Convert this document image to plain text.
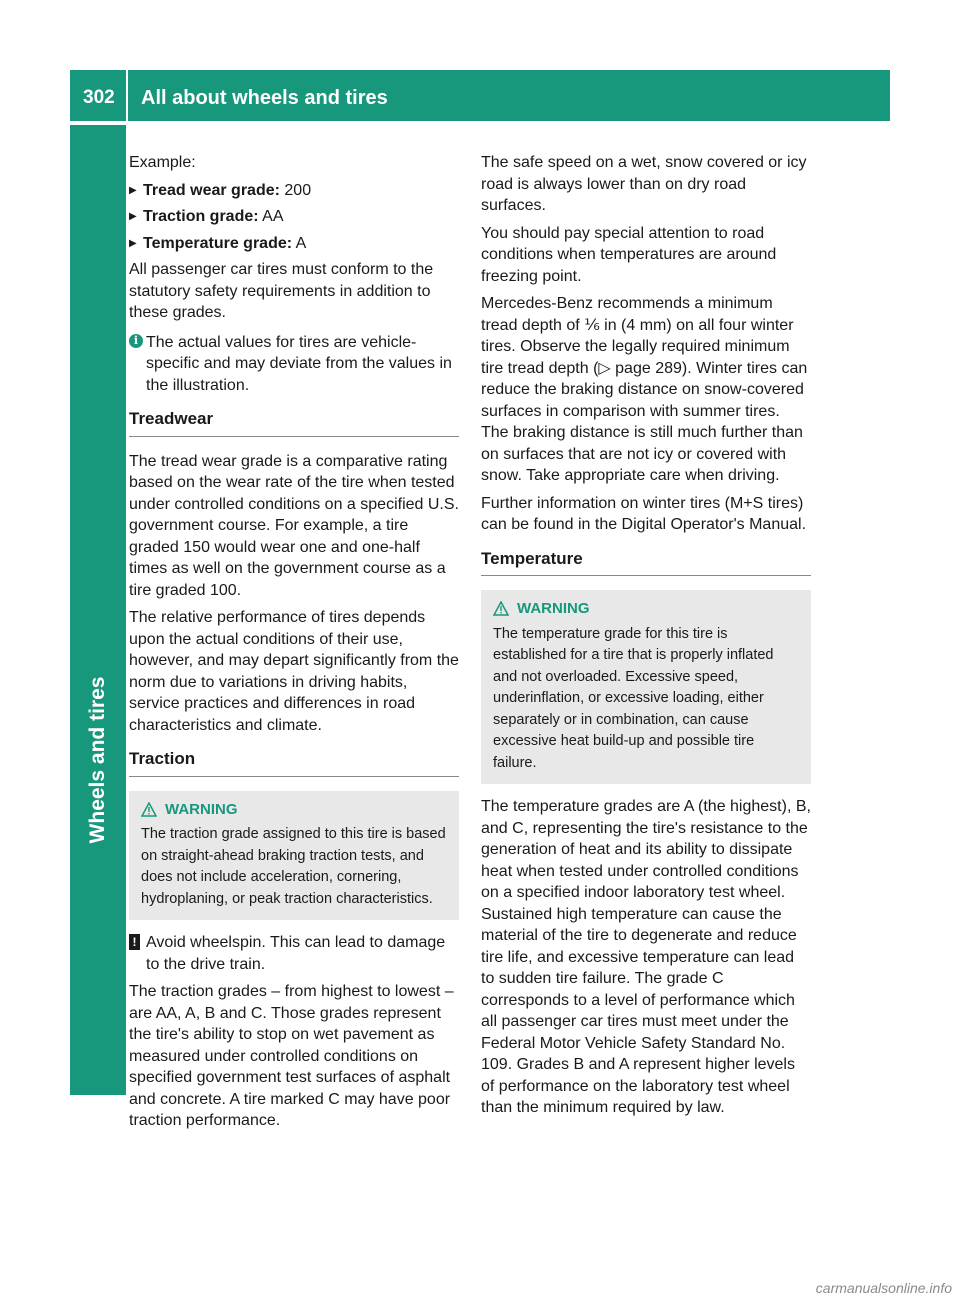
302	All about wheels and tires
Wheels and tires

Example:

▶ Tread wear grade: 200
▶ Traction grade: AA
▶ Temperature grade: A

All passenger car tires must conform to the statutory safety requirements in addition to these grades.

i The actual values for tires are vehicle-specific and may deviate from the values in the illustration.
Treadwear

The tread wear grade is a comparative rating based on the wear rate of the tire when tested under controlled conditions on a specified U.S. government course. For example, a tire graded 150 would wear one and one-half times as well on the government course as a tire graded 100.

The relative performance of tires depends upon the actual conditions of their use, however, and may depart significantly from the norm due to variations in driving habits, service practices and differences in road characteristics and climate.

Traction
WARNING
The traction grade assigned to this tire is based on straight-ahead braking traction tests, and does not include acceleration, cornering, hydroplaning, or peak traction characteristics.
! Avoid wheelspin. This can lead to damage to the drive train.

The traction grades – from highest to lowest – are AA, A, B and C. Those grades represent the tire's ability to stop on wet pavement as measured under controlled conditions on specified government test surfaces of asphalt and concrete. A tire marked C may have poor traction performance.

The safe speed on a wet, snow covered or icy road is always lower than on dry road surfaces.

You should pay special attention to road conditions when temperatures are around freezing point.

Mercedes-Benz recommends a minimum tread depth of ⅙ in (4 mm) on all four winter tires. Observe the legally required minimum tire tread depth (▷ page 289). Winter tires can reduce the braking distance on snow-covered surfaces in comparison with summer tires. The braking distance is still much further than on surfaces that are not icy or covered with snow. Take appropriate care when driving.

Further information on winter tires (M+S tires) can be found in the Digital Operator's Manual.

Temperature
WARNING
The temperature grade for this tire is established for a tire that is properly inflated and not overloaded. Excessive speed, underinflation, or excessive loading, either separately or in combination, can cause excessive heat build-up and possible tire failure.

The temperature grades are A (the highest), B, and C, representing the tire's resistance to the generation of heat and its ability to dissipate heat when tested under controlled conditions on a specified indoor laboratory test wheel. Sustained high temperature can cause the material of the tire to degenerate and reduce tire life, and excessive temperature can lead to sudden tire failure. The grade C corresponds to a level of performance which all passenger car tires must meet under the Federal Motor Vehicle Safety Standard No. 109. Grades B and A represent higher levels of performance on the laboratory test wheel than the minimum required by law.

carmanualsonline.info
